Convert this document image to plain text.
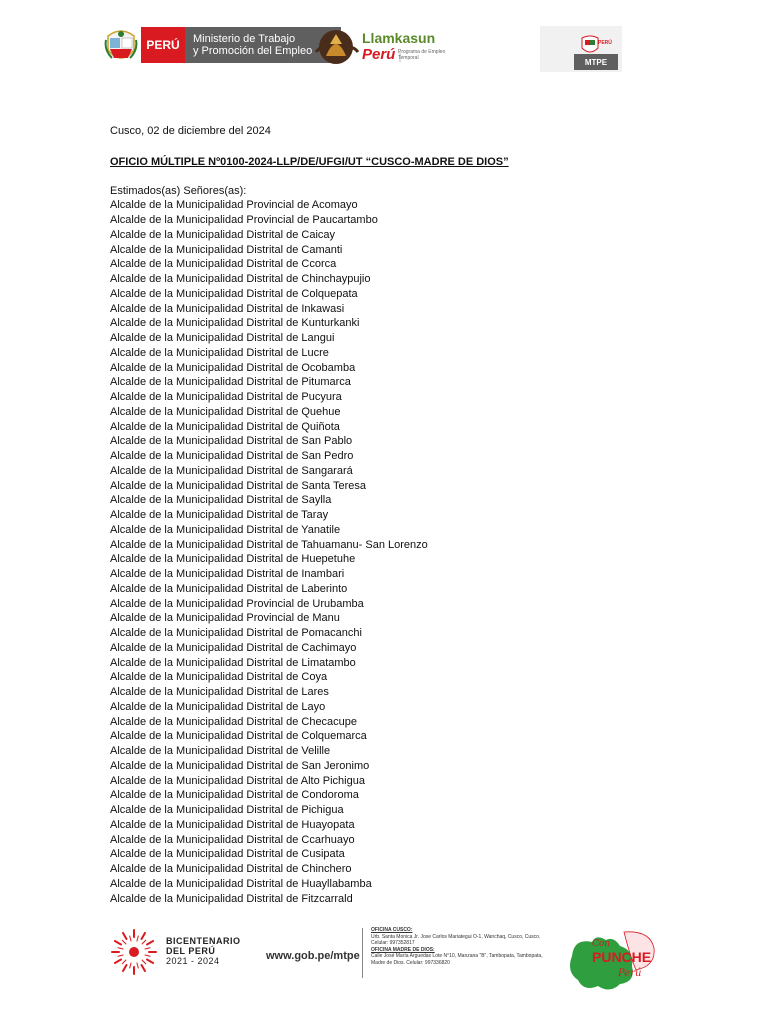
PERÚ	Ministerio de Trabajo
y Promoción del Empleo
Llamkasun
Perú Programa de Empleo Temporal
PERÚ
MTPE
Cusco, 02 de diciembre del 2024
OFICIO MÚLTIPLE Nº0100-2024-LLP/DE/UFGI/UT “CUSCO-MADRE DE DIOS”
Estimados(as) Señores(as):
Alcalde de la Municipalidad Provincial de Acomayo
Alcalde de la Municipalidad Provincial de Paucartambo
Alcalde de la Municipalidad Distrital de Caicay
Alcalde de la Municipalidad Distrital de Camanti
Alcalde de la Municipalidad Distrital de Ccorca
Alcalde de la Municipalidad Distrital de Chinchaypujio
Alcalde de la Municipalidad Distrital de Colquepata
Alcalde de la Municipalidad Distrital de Inkawasi
Alcalde de la Municipalidad Distrital de Kunturkanki
Alcalde de la Municipalidad Distrital de Langui
Alcalde de la Municipalidad Distrital de Lucre
Alcalde de la Municipalidad Distrital de Ocobamba
Alcalde de la Municipalidad Distrital de Pitumarca
Alcalde de la Municipalidad Distrital de Pucyura
Alcalde de la Municipalidad Distrital de Quehue
Alcalde de la Municipalidad Distrital de Quiñota
Alcalde de la Municipalidad Distrital de San Pablo
Alcalde de la Municipalidad Distrital de San Pedro
Alcalde de la Municipalidad Distrital de Sangarará
Alcalde de la Municipalidad Distrital de Santa Teresa
Alcalde de la Municipalidad Distrital de Saylla
Alcalde de la Municipalidad Distrital de Taray
Alcalde de la Municipalidad Distrital de Yanatile
Alcalde de la Municipalidad Distrital de Tahuamanu- San Lorenzo
Alcalde de la Municipalidad Distrital de Huepetuhe
Alcalde de la Municipalidad Distrital de Inambari
Alcalde de la Municipalidad Distrital de Laberinto
Alcalde de la Municipalidad Provincial de Urubamba
Alcalde de la Municipalidad Provincial de Manu
Alcalde de la Municipalidad Distrital de Pomacanchi
Alcalde de la Municipalidad Distrital de Cachimayo
Alcalde de la Municipalidad Distrital de Limatambo
Alcalde de la Municipalidad Distrital de Coya
Alcalde de la Municipalidad Distrital de Lares
Alcalde de la Municipalidad Distrital de Layo
Alcalde de la Municipalidad Distrital de Checacupe
Alcalde de la Municipalidad Distrital de Colquemarca
Alcalde de la Municipalidad Distrital de Velille
Alcalde de la Municipalidad Distrital de San Jeronimo
Alcalde de la Municipalidad Distrital de Alto Pichigua
Alcalde de la Municipalidad Distrital de Condoroma
Alcalde de la Municipalidad Distrital de Pichigua
Alcalde de la Municipalidad Distrital de Huayopata
Alcalde de la Municipalidad Distrital de Ccarhuayo
Alcalde de la Municipalidad Distrital de Cusipata
Alcalde de la Municipalidad Distrital de Chinchero
Alcalde de la Municipalidad Distrital de Huayllabamba
Alcalde de la Municipalidad Distrital de Fitzcarrald
BICENTENARIO
DEL PERÚ
2021 - 2024	www.gob.pe/mtpe
OFICINA CUSCO:
Urb. Santa Monica Jr. Jose Carlos Mariategui O-1, Wanchaq, Cusco, Cusco. Celular: 997352817
OFICINA MADRE DE DIOS:
Calle José María Arguedas Lote N°10, Manzana "B", Tambopata, Tambopata, Madre de Dios. Celular: 997336820
Con
PUNCHE
Perú
